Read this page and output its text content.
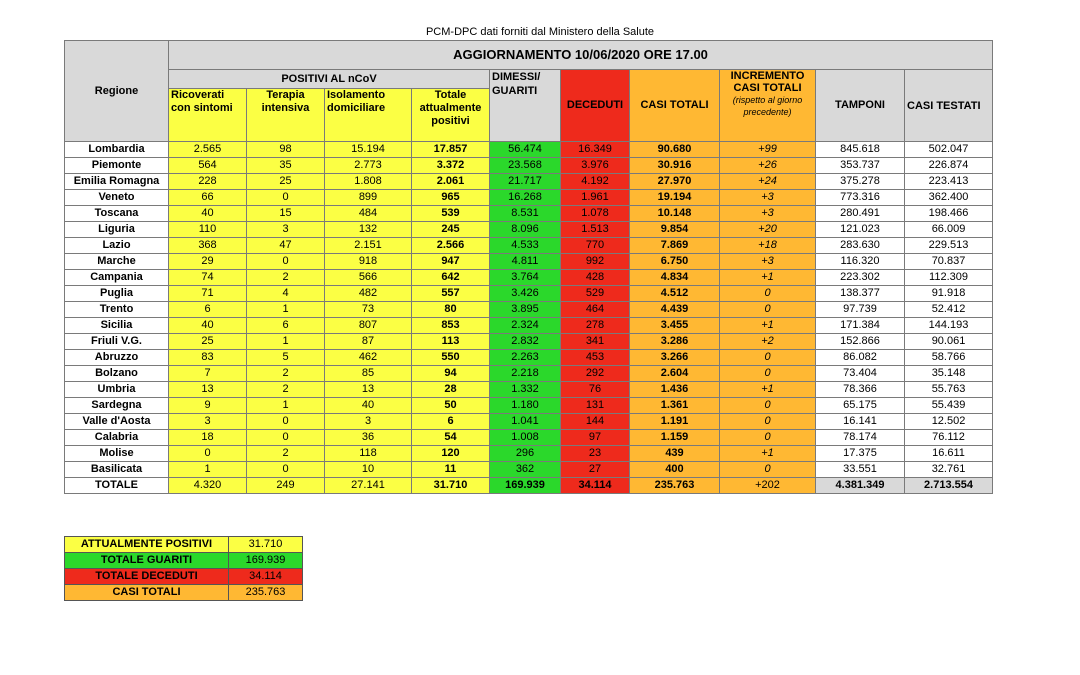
PCM-DPC dati forniti dal Ministero della Salute
Regione	AGGIORNAMENTO 10/06/2020 ORE 17.00									
	POSITIVI AL nCoV				DIMESSI/ GUARITI	DECEDUTI	CASI TOTALI	INCREMENTO CASI TOTALI
(rispetto al giorno precedente)	TAMPONI	CASI TESTATI
	Ricoverati con sintomi	Terapia intensiva	Isolamento domiciliare	Totale attualmente positivi						
Lombardia	2.565	98	15.194	17.857	56.474	16.349	90.680	+99	845.618	502.047
Piemonte	564	35	2.773	3.372	23.568	3.976	30.916	+26	353.737	226.874
Emilia Romagna	228	25	1.808	2.061	21.717	4.192	27.970	+24	375.278	223.413
Veneto	66	0	899	965	16.268	1.961	19.194	+3	773.316	362.400
Toscana	40	15	484	539	8.531	1.078	10.148	+3	280.491	198.466
Liguria	110	3	132	245	8.096	1.513	9.854	+20	121.023	66.009
Lazio	368	47	2.151	2.566	4.533	770	7.869	+18	283.630	229.513
Marche	29	0	918	947	4.811	992	6.750	+3	116.320	70.837
Campania	74	2	566	642	3.764	428	4.834	+1	223.302	112.309
Puglia	71	4	482	557	3.426	529	4.512	0	138.377	91.918
Trento	6	1	73	80	3.895	464	4.439	0	97.739	52.412
Sicilia	40	6	807	853	2.324	278	3.455	+1	171.384	144.193
Friuli V.G.	25	1	87	113	2.832	341	3.286	+2	152.866	90.061
Abruzzo	83	5	462	550	2.263	453	3.266	0	86.082	58.766
Bolzano	7	2	85	94	2.218	292	2.604	0	73.404	35.148
Umbria	13	2	13	28	1.332	76	1.436	+1	78.366	55.763
Sardegna	9	1	40	50	1.180	131	1.361	0	65.175	55.439
Valle d'Aosta	3	0	3	6	1.041	144	1.191	0	16.141	12.502
Calabria	18	0	36	54	1.008	97	1.159	0	78.174	76.112
Molise	0	2	118	120	296	23	439	+1	17.375	16.611
Basilicata	1	0	10	11	362	27	400	0	33.551	32.761
TOTALE	4.320	249	27.141	31.710	169.939	34.114	235.763	+202	4.381.349	2.713.554
ATTUALMENTE POSITIVI	31.710
TOTALE GUARITI	169.939
TOTALE DECEDUTI	34.114
CASI TOTALI	235.763
